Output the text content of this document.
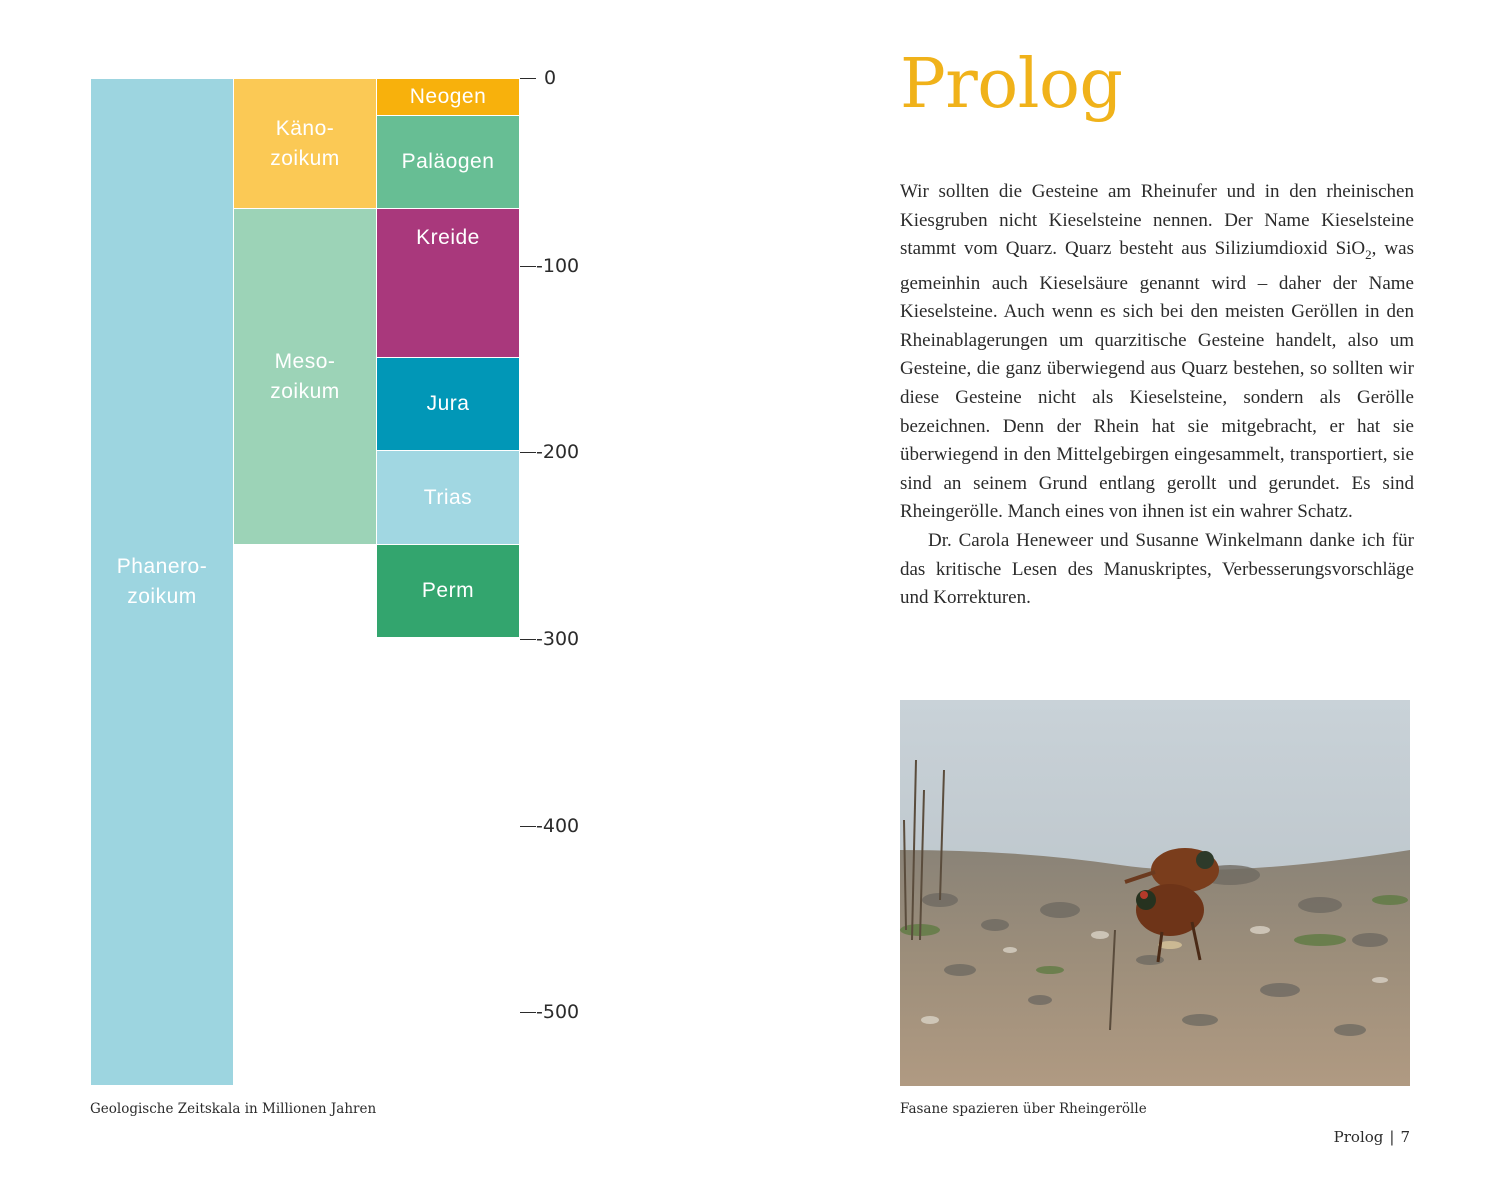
Phanero-
zoikum
Käno-
zoikum
Meso-
zoikum
Paläo-
zoikum
Neogen
Paläogen
Kreide
Jura
Trias
Perm
Karbon
Devon
Silur
Ordovizium
Kambrium
0
-100
-200
-300
-400
-500
Geologische Zeitskala in Millionen Jahren
Prolog

Wir sollten die Gesteine am Rheinufer und in den rheinischen Kiesgruben nicht Kieselsteine nennen. Der Name Kieselsteine stammt vom Quarz. Quarz besteht aus Siliziumdioxid SiO$_2$, was gemeinhin auch Kieselsäure genannt wird – daher der Name Kieselsteine. Auch wenn es sich bei den meisten Geröllen in den Rheinablagerungen um quarzitische Gesteine handelt, also um Gesteine, die ganz überwiegend aus Quarz bestehen, so sollten wir diese Gesteine nicht als Kieselsteine, sondern als Gerölle bezeichnen. Denn der Rhein hat sie mitgebracht, er hat sie überwiegend in den Mittelgebirgen eingesammelt, transportiert, sie sind an seinem Grund entlang gerollt und gerundet. Es sind Rheingerölle. Manch eines von ihnen ist ein wahrer Schatz.

Dr. Carola Heneweer und Susanne Winkelmann danke ich für das kritische Lesen des Manuskriptes, Verbesserungsvorschläge und Korrekturen.

Fasane spazieren über Rheingerölle
Prolog | 7
